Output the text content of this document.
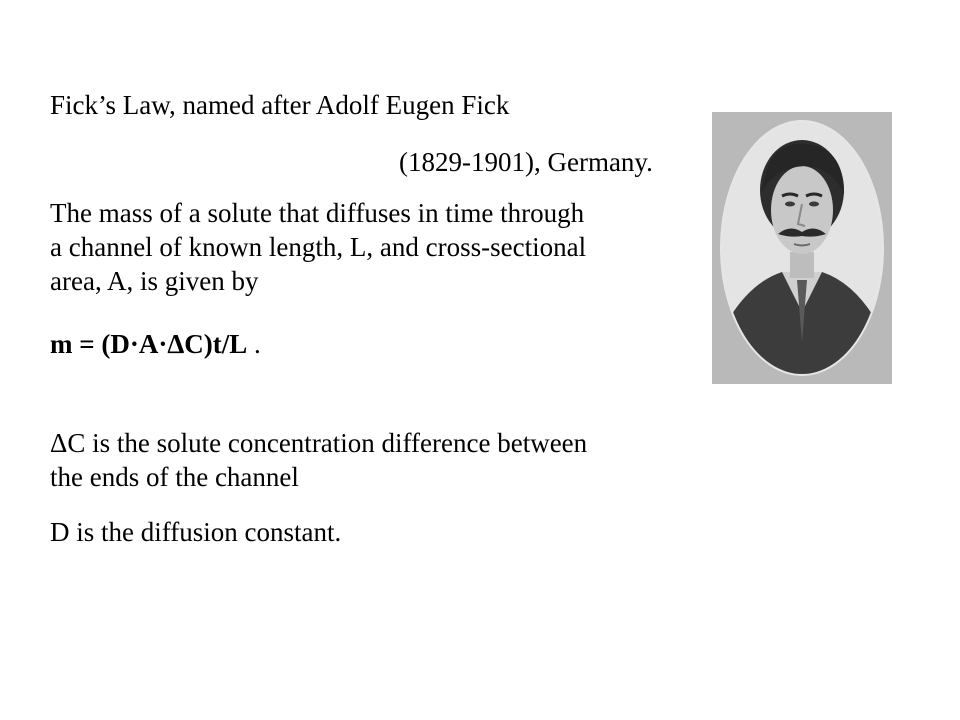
Fick’s Law, named after Adolf Eugen Fick
(1829-1901), Germany.
The mass of a solute that diffuses in time through
a channel of known length, L, and cross-sectional
area, A, is given by
m = (D·A·ΔC)t/L .
ΔC is the solute concentration difference between
the ends of the channel
D is the diffusion constant.
